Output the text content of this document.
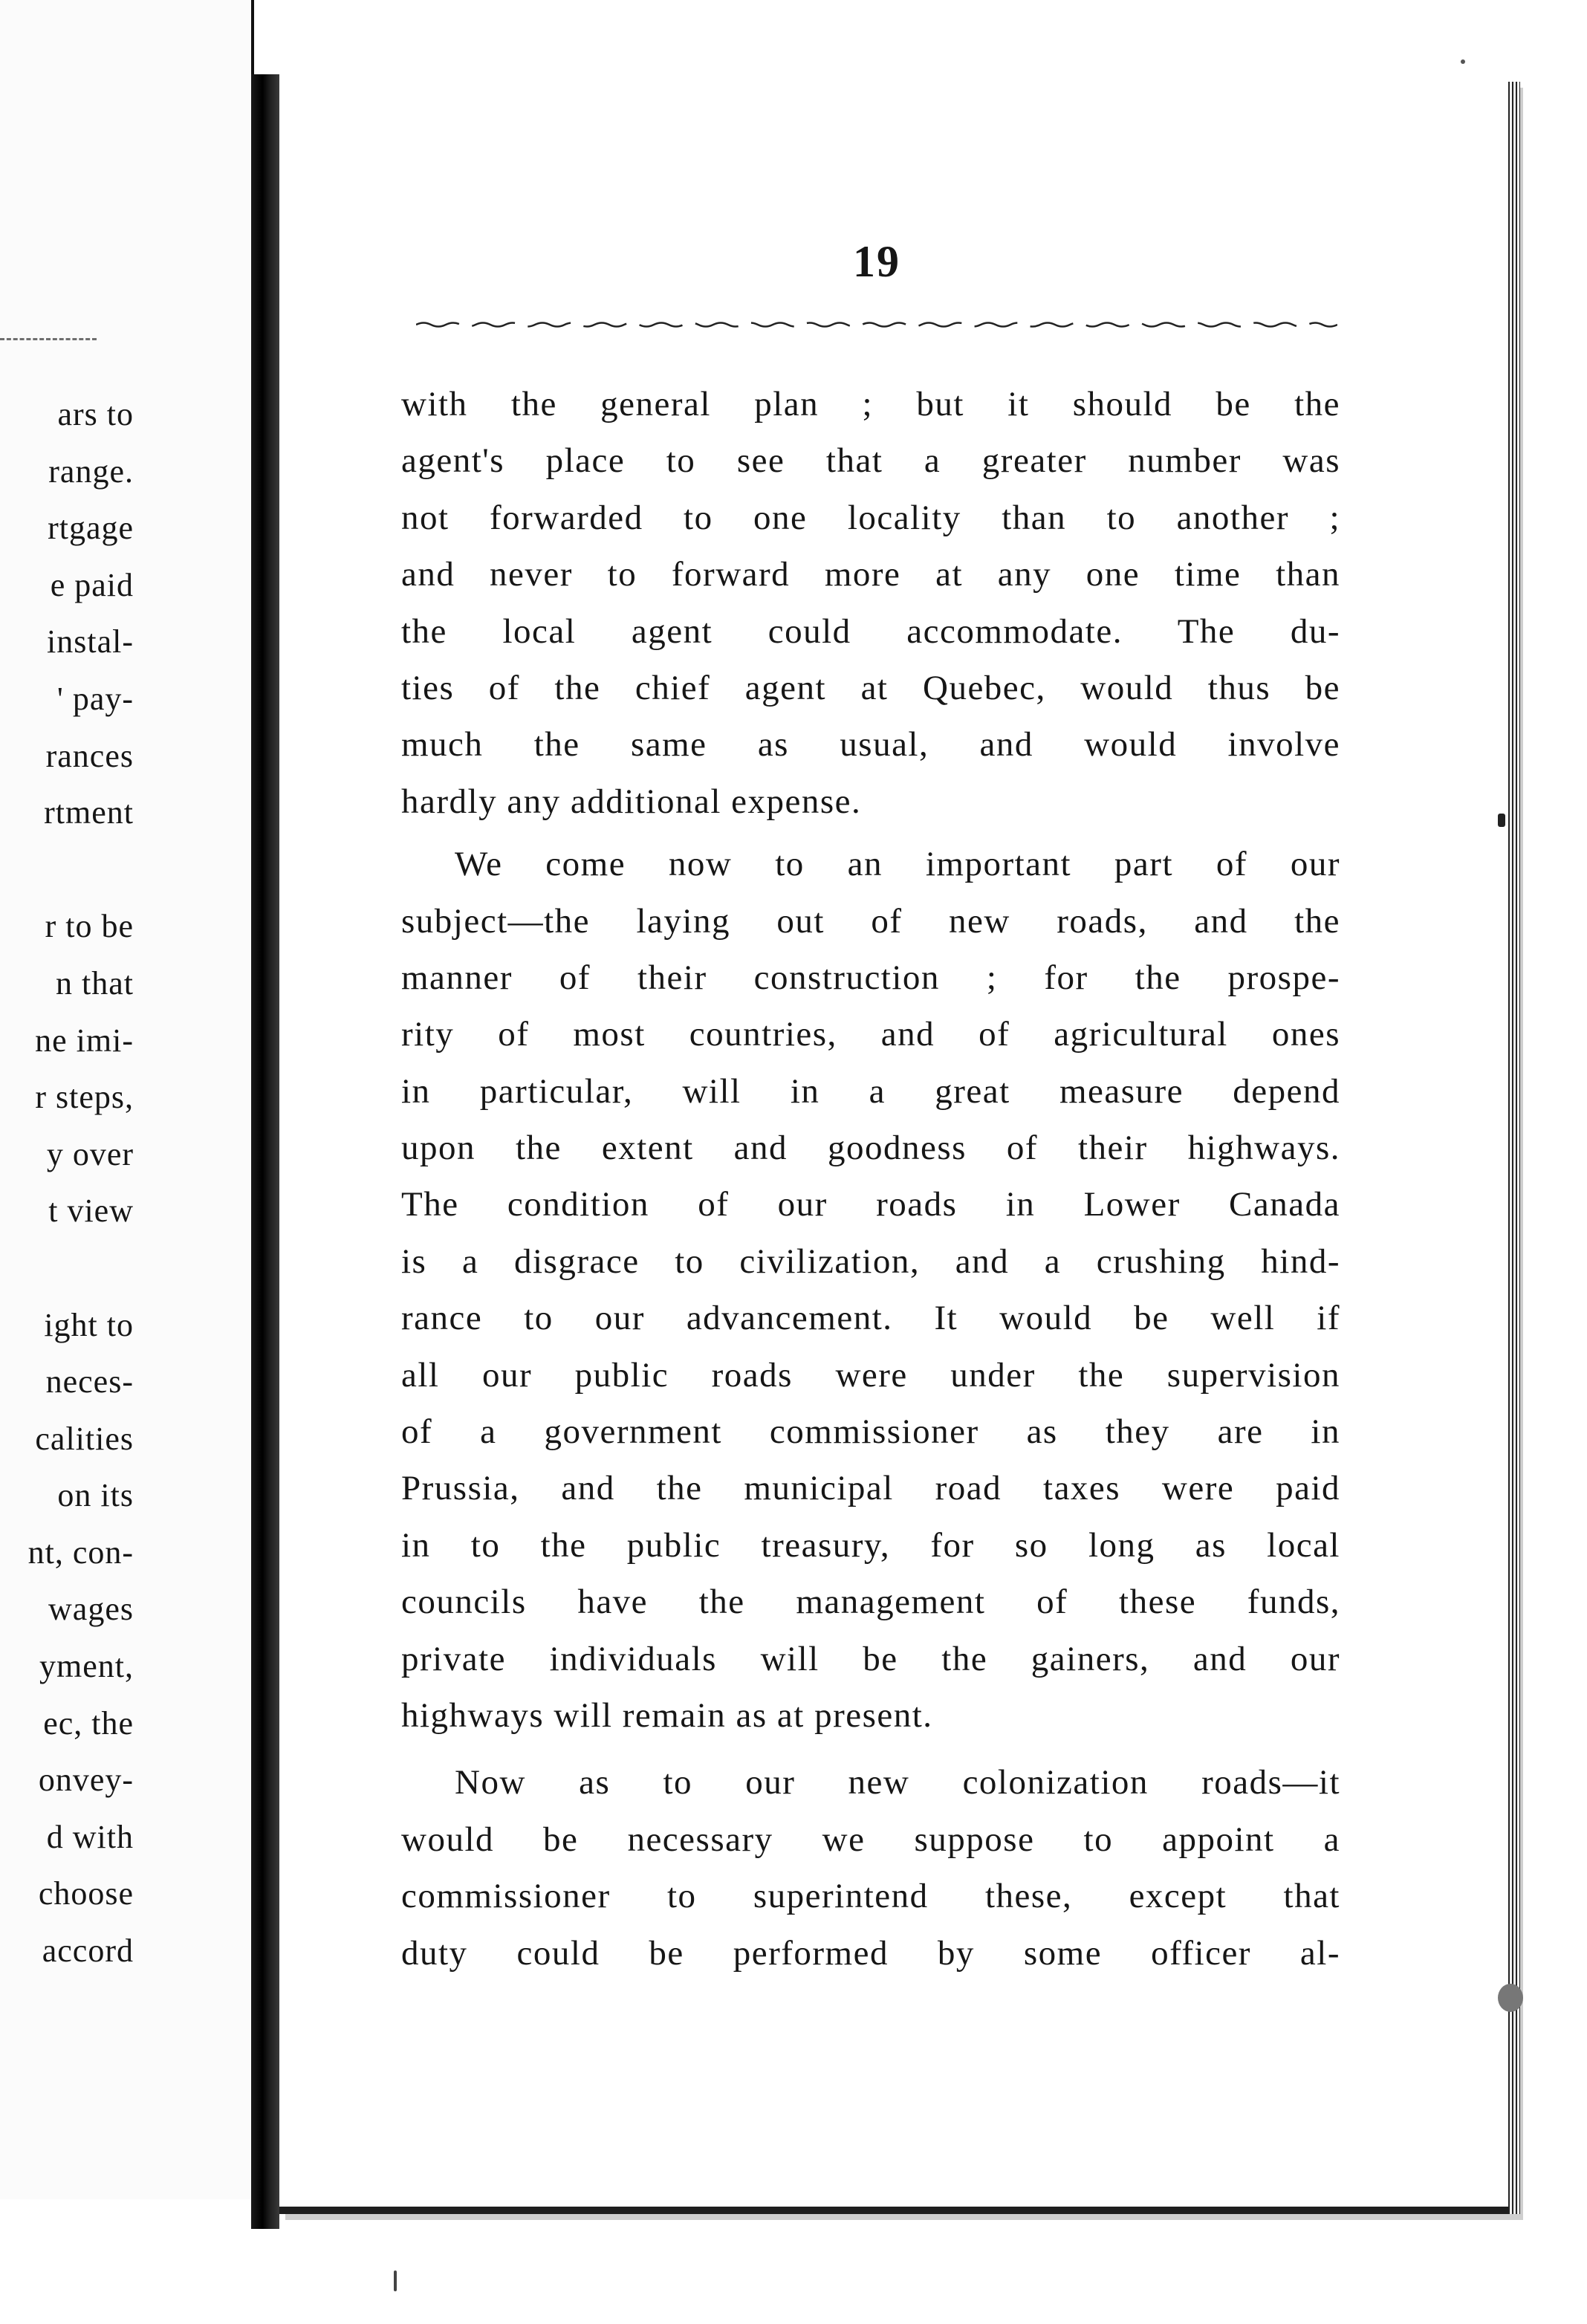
ars to
range.
rtgage
e paid
instal-
' pay-
rances
rtment
r to be
n that
ne imi-
r steps,
y over
t view
ight to
neces-
calities
on its
nt, con-
wages
yment,
ec, the
onvey-
d with
choose
accord
19
with the general plan ; but it should be the
agent's place to see that a greater number was
not forwarded to one locality than to another ;
and never to forward more at any one time than
the local agent could accommodate. The du-
ties of the chief agent at Quebec, would thus be
much the same as usual, and would involve
hardly any additional expense.
We come now to an important part of our
subject—the laying out of new roads, and the
manner of their construction ; for the prospe-
rity of most countries, and of agricultural ones
in particular, will in a great measure depend
upon the extent and goodness of their highways.
The condition of our roads in Lower Canada
is a disgrace to civilization, and a crushing hind-
rance to our advancement. It would be well if
all our public roads were under the supervision
of a government commissioner as they are in
Prussia, and the municipal road taxes were paid
in to the public treasury, for so long as local
councils have the management of these funds,
private individuals will be the gainers, and our
highways will remain as at present.
Now as to our new colonization roads—it
would be necessary we suppose to appoint a
commissioner to superintend these, except that
duty could be performed by some officer al-
